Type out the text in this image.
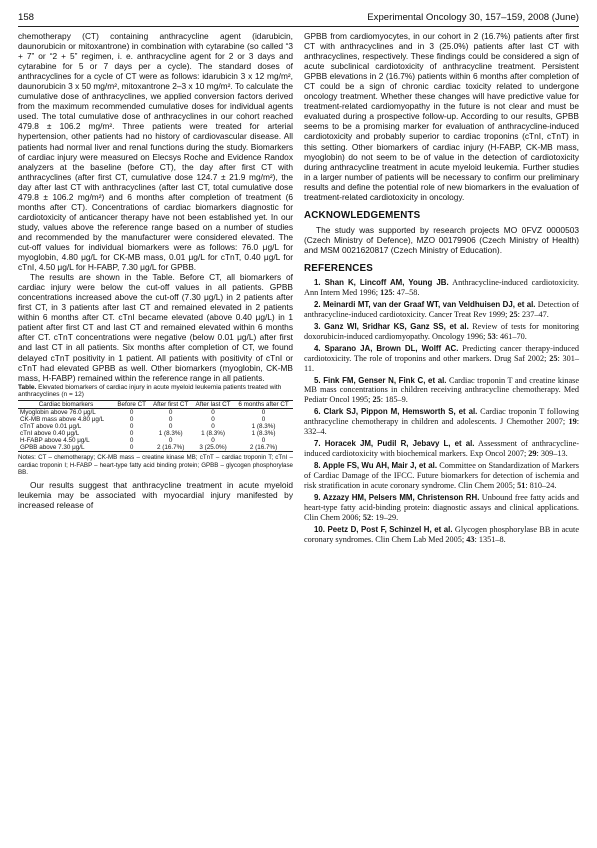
158	Experimental Oncology 30, 157–159, 2008 (June)

chemotherapy (CT) containing anthracycline agent (idarubicin, daunorubicin or mitoxantrone) in combination with cytarabine (so called “3 + 7” or “2 + 5” regimen, i. e. anthracycline agent for 2 or 3 days and cytarabine for 5 or 7 days per a cycle). The standard doses of anthracyclines for a cycle of CT were as follows: idarubicin 3 x 12 mg/m², daunorubicin 3 x 50 mg/m², mitoxantrone 2–3 x 10 mg/m². To calculate the cumulative dose of anthracyclines, we applied conversion factors derived from the maximum recommended cumulative doses for individual agents used. The total cumulative dose of anthracyclines in our cohort reached 479.8 ± 106.2 mg/m². Three patients were treated for arterial hypertension, other patients had no history of cardiovascular disease. All patients had normal liver and renal functions during the study. Biomarkers of cardiac injury were measured on Elecsys Roche and Evidence Randox analyzers at the baseline (before CT), the day after first CT with anthracyclines (after first CT, cumulative dose 124.7 ± 21.9 mg/m²), the day after last CT with anthracyclines (after last CT, total cumulative dose 479.8 ± 106.2 mg/m²) and 6 months after completion of treatment (6 months after CT). Concentrations of cardiac biomarkers diagnostic for cardiotoxicity of anticancer therapy have not been established yet. In our study, values above the reference range based on a number of studies and recommended by the manufacturer were considered elevated. The cut-off values for individual biomarkers were as follows: 76.0 μg/L for myoglobin, 4.80 μg/L for CK-MB mass, 0.01 μg/L for cTnT, 0.40 μg/L for cTnI, 4.50 μg/L for H-FABP, 7.30 μg/L for GPBB.

The results are shown in the Table. Before CT, all biomarkers of cardiac injury were below the cut-off values in all patients. GPBB concentrations increased above the cut-off (7.30 μg/L) in 2 patients after first CT, in 3 patients after last CT and remained elevated in 2 patients within 6 months after CT. cTnI became elevated (above 0.40 μg/L) in 1 patient after first CT and last CT and remained elevated within 6 months after CT. cTnT concentrations were negative (below 0.01 μg/L) after first and last CT in all patients. Six months after completion of CT, we found delayed cTnT positivity in 1 patient. All patients with positivity of cTnI or cTnT had elevated GPBB as well. Other biomarkers (myoglobin, CK-MB mass, H-FABP) remained within the reference range in all patients.

Table. Elevated biomarkers of cardiac injury in acute myeloid leukemia patients treated with anthracyclines (n = 12)
Cardiac biomarkers	Before CT	After first CT	After last CT	6 months after CT
Myoglobin above 76.0 μg/L	0	0	0	0
CK-MB mass above 4.80 μg/L	0	0	0	0
cTnT above 0.01 μg/L	0	0	0	1 (8.3%)
cTnI above 0.40 μg/L	0	1 (8.3%)	1 (8.3%)	1 (8.3%)
H-FABP above 4.50 μg/L	0	0	0	0
GPBB above 7.30 μg/L	0	2 (16.7%)	3 (25.0%)	2 (16.7%)

Notes: CT – chemotherapy; CK-MB mass – creatine kinase MB; cTnT – cardiac troponin T; cTnI – cardiac troponin I; H-FABP – heart-type fatty acid binding protein; GPBB – glycogen phosphorylase BB.

Our results suggest that anthracycline treatment in acute myeloid leukemia may be associated with myocardial injury manifested by increased release of

GPBB from cardiomyocytes, in our cohort in 2 (16.7%) patients after first CT with anthracyclines and in 3 (25.0%) patients after last CT with anthracyclines, respectively. These findings could be considered a sign of acute subclinical cardiotoxicity of anthracycline treatment. Persistent GPBB elevations in 2 (16.7%) patients within 6 months after completion of CT could be a sign of chronic cardiac toxicity related to undergone oncology treatment. Whether these changes will have predictive value for treatment-related cardiomyopathy in the future is not clear and must be evaluated during a prospective follow-up. According to our results, GPBB seems to be a promising marker for evaluation of anthracycline-induced cardiotoxicity and probably superior to cardiac troponins (cTnI, cTnT) in this setting. Other biomarkers of cardiac injury (H-FABP, CK-MB mass, myoglobin) do not seem to be of value in the detection of cardiotoxicity during anthracycline treatment in acute myeloid leukemia. Further studies in a larger number of patients will be necessary to confirm our preliminary results and define the potential role of new biomarkers in the evaluation of treatment-related cardiotoxicity in oncology.

ACKNOWLEDGEMENTS

The study was supported by research projects MO 0FVZ 0000503 (Czech Ministry of Defence), MZO 00179906 (Czech Ministry of Health) and MSM 0021620817 (Czech Ministry of Education).

REFERENCES
1. Shan K, Lincoff AM, Young JB. Anthracycline-induced cardiotoxicity. Ann Intern Med 1996; 125: 47–58.
2. Meinardi MT, van der Graaf WT, van Veldhuisen DJ, et al. Detection of anthracycline-induced cardiotoxicity. Cancer Treat Rev 1999; 25: 237–47.
3. Ganz WI, Sridhar KS, Ganz SS, et al. Review of tests for monitoring doxorubicin-induced cardiomyopathy. Oncology 1996; 53: 461–70.
4. Sparano JA, Brown DL, Wolff AC. Predicting cancer therapy-induced cardiotoxicity. The role of troponins and other markers. Drug Saf 2002; 25: 301–11.
5. Fink FM, Genser N, Fink C, et al. Cardiac troponin T and creatine kinase MB mass concentrations in children receiving anthracycline chemotherapy. Med Pediatr Oncol 1995; 25: 185–9.
6. Clark SJ, Pippon M, Hemsworth S, et al. Cardiac troponin T following anthracycline chemotherapy in children and adolescents. J Chemother 2007; 19: 332–4.
7. Horacek JM, Pudil R, Jebavy L, et al. Assessment of anthracycline-induced cardiotoxicity with biochemical markers. Exp Oncol 2007; 29: 309–13.
8. Apple FS, Wu AH, Mair J, et al. Committee on Standardization of Markers of Cardiac Damage of the IFCC. Future biomarkers for detection of ischemia and risk stratification in acute coronary syndrome. Clin Chem 2005; 51: 810–24.
9. Azzazy HM, Pelsers MM, Christenson RH. Unbound free fatty acids and heart-type fatty acid-binding protein: diagnostic assays and clinical applications. Clin Chem 2006; 52: 19–29.
10. Peetz D, Post F, Schinzel H, et al. Glycogen phosphorylase BB in acute coronary syndromes. Clin Chem Lab Med 2005; 43: 1351–8.
